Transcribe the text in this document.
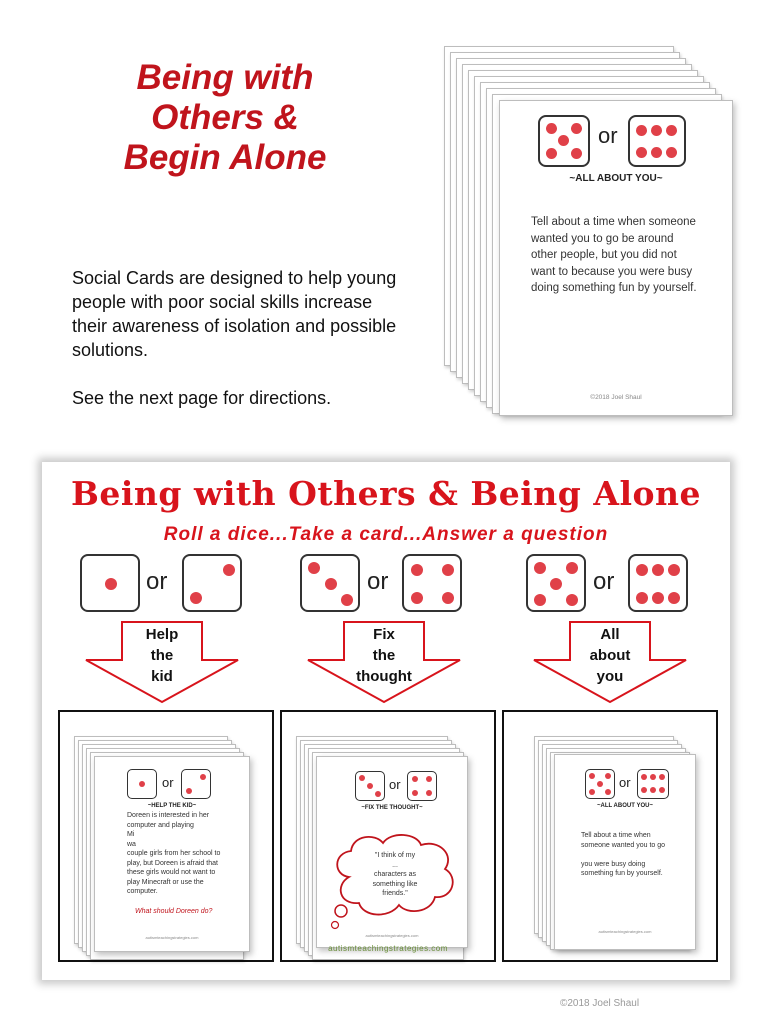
Being with
Others &
Begin Alone

Social Cards are designed to help young people with poor social skills increase their awareness of isolation and possible solutions.

See the next page for directions.

or
~ALL ABOUT YOU~
Tell about a time when someone wanted you to go be around other people, but you did not want to because you were busy doing something fun by yourself.
©2018 Joel Shaul
Being with Others & Being Alone
Roll a dice...Take a card...Answer a question
or	or	or
Help
the
kid
Fix
the
thought
All
about
you
or
~HELP THE KID~
Doreen is interested in her computer and playing
Mi
wa
couple girls from her school to play, but Doreen is afraid that these girls would not want to play Minecraft or use the computer.
What should Doreen do?
autismteachingstrategies.com
or
~FIX THE THOUGHT~
"I think of my
...
characters as
something like
friends."
autismteachingstrategies.com
autismteachingstrategies.com
or
~ALL ABOUT YOU~
Tell about a time when
someone wanted you to go

you were busy doing
something fun by yourself.
autismteachingstrategies.com
©2018 Joel Shaul
